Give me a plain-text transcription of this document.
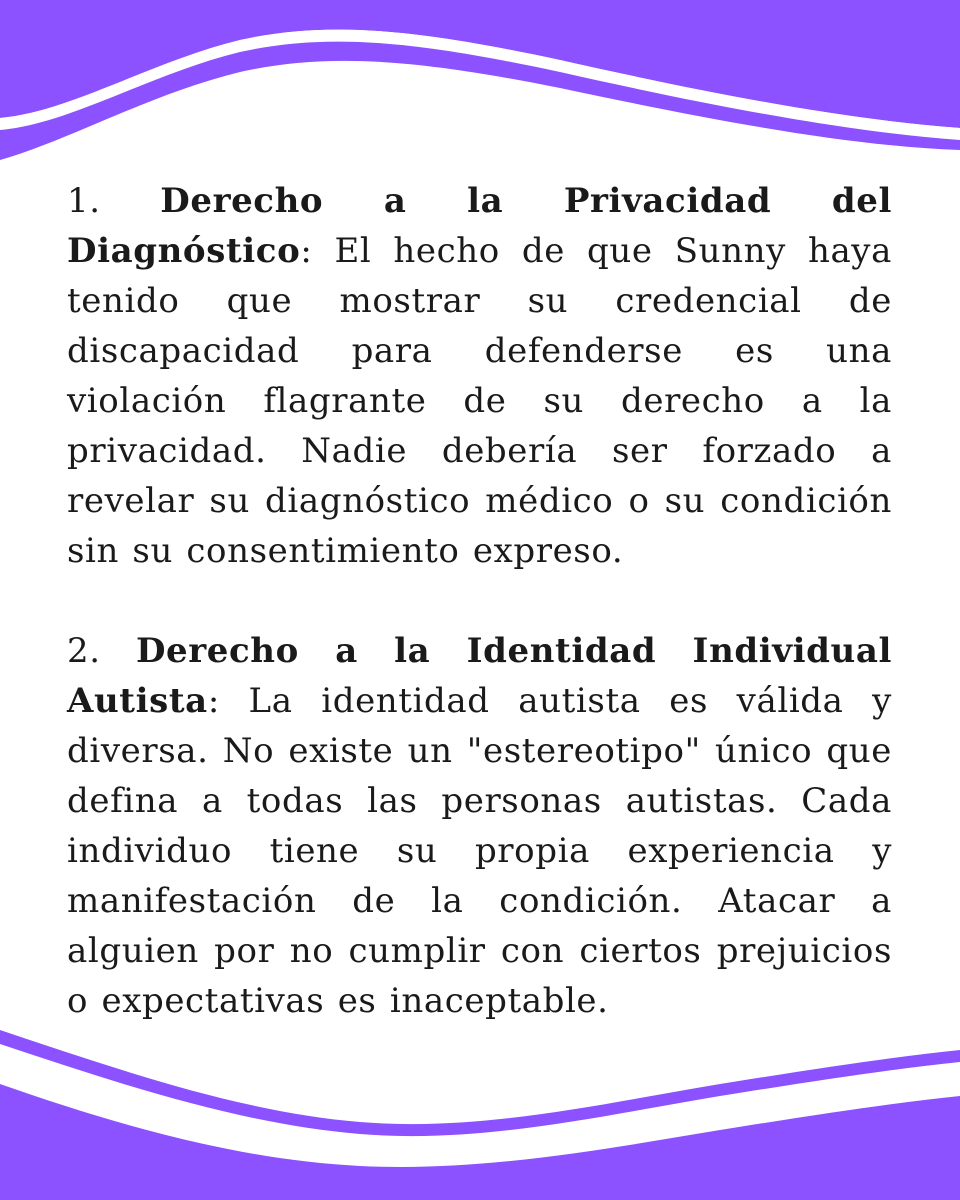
1. Derecho a la Privacidad del Diagnóstico: El hecho de que Sunny haya tenido que mostrar su credencial de discapacidad para defenderse es una violación flagrante de su derecho a la privacidad. Nadie debería ser forzado a revelar su diagnóstico médico o su condición sin su consentimiento expreso.

2. Derecho a la Identidad Individual Autista: La identidad autista es válida y diversa. No existe un "estereotipo" único que defina a todas las personas autistas. Cada individuo tiene su propia experiencia y manifestación de la condición. Atacar a alguien por no cumplir con ciertos prejuicios o expectativas es inaceptable.
